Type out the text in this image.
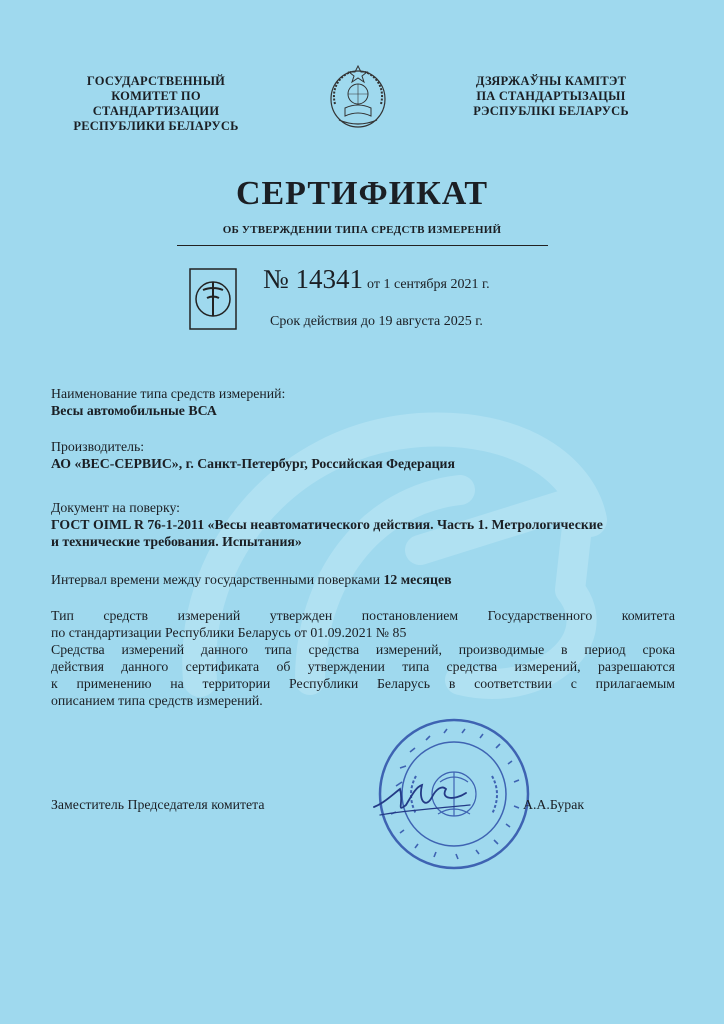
ГОСУДАРСТВЕННЫЙ
КОМИТЕТ ПО
СТАНДАРТИЗАЦИИ
РЕСПУБЛИКИ БЕЛАРУСЬ
ДЗЯРЖАЎНЫ КАМІТЭТ
ПА СТАНДАРТЫЗАЦЫІ
РЭСПУБЛІКІ БЕЛАРУСЬ
СЕРТИФИКАТ
ОБ УТВЕРЖДЕНИИ ТИПА СРЕДСТВ ИЗМЕРЕНИЙ
№ 14341 от 1 сентября 2021 г.
Срок действия до 19 августа 2025 г.
Наименование типа средств измерений:
Весы автомобильные ВСА
Производитель:
АО «ВЕС-СЕРВИС», г. Санкт-Петербург, Российская Федерация
Документ на поверку:
ГОСТ OIML R 76-1-2011 «Весы неавтоматического действия. Часть 1. Метрологические
и технические требования. Испытания»
Интервал времени между государственными поверками 12 месяцев
Тип средств измерений утвержден постановлением Государственного комитета
по стандартизации Республики Беларусь от 01.09.2021 № 85
Средства измерений данного типа средства измерений, производимые в период срока
действия данного сертификата об утверждении типа средства измерений, разрешаются
к применению на территории Республики Беларусь в соответствии с прилагаемым
описанием типа средств измерений.
Заместитель Председателя комитета	А.А.Бурак
